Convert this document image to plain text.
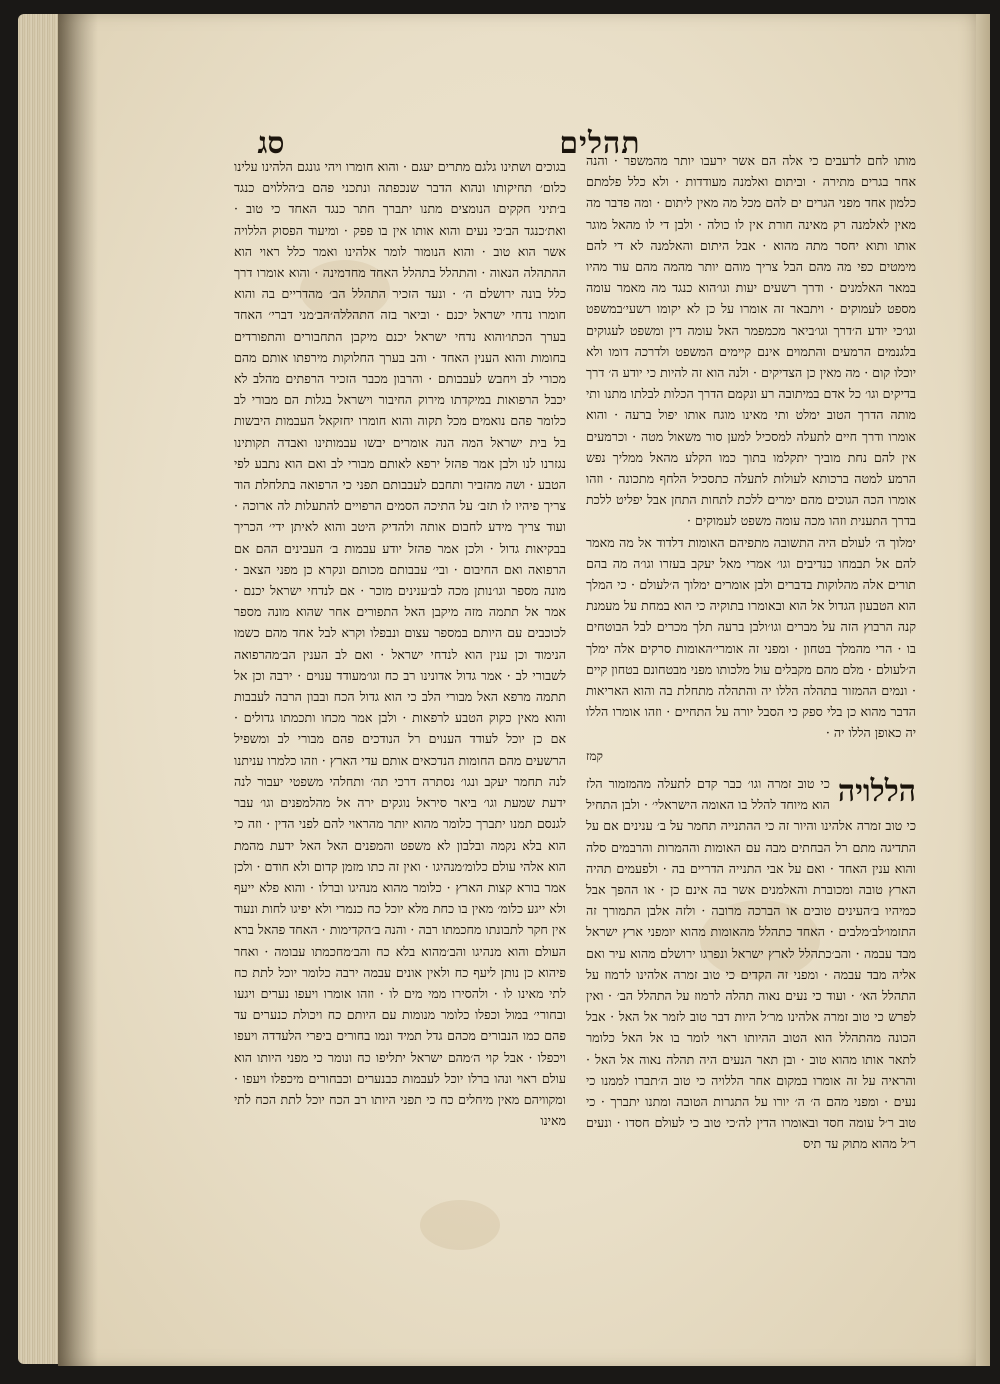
תהלים
סג	מותו לחם לרעבים כי אלה הם אשר ירעבו יותר מהמשפר · והנה אחר בגרים מתירה · וביתום ואלמנה מעודדות · ולא כלל פלמתם כלמון אחד מפני הגרים ים להם מכל מה מאין ליתום · ומה פדבר מה מאין לאלמנה רק מאינה חורת אין לו כולה · ולבן די לו מהאל מוגר אותו ותוא יחסר מתה מהוא · אבל היתום והאלמנה לא די להם מימטים כפי מה מהם הבל צריך מוהם יותר מהמה מהם עוד מהיו במאר האלמנים · ודרך רשעים יעות וגו׳הוא כנגד מה מאמר עומה מספט לעמוקים · ויתבאר זה אומרו על כן לא יקומו רשעי׳במשפט וגו׳כי יודע ה׳דרך וגו׳ביאר מכמפמר האל עומה דין ומשפט לעגוקים בלגנמים הרמעים והתמוים אינם קיימים המשפט ולדרכה דומו ולא יוכלו קום · מה מאין כן הצדיקים · ולנה הוא זה להיות כי יודע ה׳ דרך בדיקים וגו׳ כל אדם במיתובה רע ונקמם הדרך הכלות לבלתו מתנו ותי מותה הדרך הטוב ימלט ותי מאינו מוגח אותו יפול ברעה · והוא אומרו ודרך חיים לתעלה למסכיל למען סור משאול מטה · וכרמעים אין להם נחת מוביך יתקלמו בתוך כמו הקלע מהאל ממליך נפש הרמע למטה ברכותא לעולות לתעלה כתסכיל הלחף מתכונה · וזהו אומרו הכה הגוכים מהם ימרים ללכת לתחות התחן אבל יפליט ללכת בדרך התענית וזהו מכה עומה משפט לעמוקים ·

ימלוך ה׳ לעולם היה התשובה מתפיהם האומות דלדוד אל מה מאמר להם אל תבמחו כנדיבים וגו׳ אמרי מאל יעקב בעזרו וגו׳ה מה בהם תורים אלה מהלוקות בדברים ולבן אומרים ימלוך ה׳לעולם · כי המלך הוא הטבעון הגדול אל הוא ובאומרו בתוקיה כי הוא במחת על מעמנת קנה הרבוץ הזה על מברים וגו׳ולבן ברעה תלך מכרים לבל הבוטחים בו · הרי מהמלך בטחון · ומפני זה אומרי׳האומות סרקים אלה ימלך ה׳לעולם · מלם מהם מקבלים עול מלכותו מפני מבטחונם בטחון קיים · ונמים ההמזור בתהלה הללו יה והתהלה מתחלת בה והוא האריאות הדבר מהוא כן בלי ספק כי הסבל יורה על התחיים · וזהו אומרו הללו יה כאופן הללו יה ·

קמז
הללויה

כי טוב זמרה וגו׳ כבר קדם לתעלה מהמזמור הלז הוא מיוחד להלל בו האומה הישראלי׳ · ולבן התחיל כי טוב זמרה אלהינו והיור זה כי ההתנייה תחמר על ב׳ ענינים אם על התדיגה מתם רל הבחתים מבה עם האומות וההמרות והרבמים סלה והוא ענין האחד · ואם על אבי התנייה הדריים בה · ולפעמים תהיה הארץ טובה ומכוברת והאלמנים אשר בה אינם כן · או ההפך אבל כמיהיו ב׳העינים טובים או הברכה מרובה · ולזה אלבן התמורך זה התזמו׳לב׳מלבים · האחד כתהלל מהאומות מהוא יומפני ארץ ישראל מבד עבמה · והב׳כתהלל לארץ ישראל ונפרגו ירושלם מהוא עיר ואם אליה מבד עבמה · ומפני זה הקדים כי טוב זמרה אלהינו לרמוז על התהלל הא׳ · ועוד כי נעים נאוה תהלה לרמוז על התהלל הב׳ · ואין לפרש כי טוב זמרה אלהינו מר׳ל היות דבר טוב לזמר אל האל · אבל הכונה מהתהלל הוא הטוב ההיותו ראוי לומר בו אל האל כלומר לתאר אותו מהוא טוב · ובן תאר הנעים היה תהלה נאוה אל האל · והראיה על זה אומרו במקום אחר הללויה כי טוב ה׳תברו לממנו כי נעים · ומפני מהם ה׳ ה׳ יורו על התגרות הטובה ומתנו יתברך · כי טוב ר׳ל עומה חסד ובאומרו הדין לה׳כי טוב כי לעולם חסדו · ונעים ר׳ל מהוא מתוק עד תיס

בגוכים ושתינו גלגם מתרים יעגם · והוא חומרו ויהי גונגם הלהינו עלינו כלום׳ תחיקותו ונהוא הדבר שנכפתה ונתכני פהם ב׳הללוים כנגד ב׳תיני חקקים הנומצים מתנו יתברך חתר כנגד האחד כי טוב · ואת׳כנגד הב׳כי נעים והוא אותו אין בו פפק · ומיעוד הפסוק הללויה אשר הוא טוב · והוא הנומור לומר אלהינו ואמר כלל ראוי הוא ההתהלה הנאוה · והתהלל בתהלל האחד מחדמינה · והוא אומרו דרך כלל בונה ירושלם ה׳ · ונעד הזכיר התהלל הב׳ מהדריים בה והוא חומרו נדחי ישראל יכנם · וביאר בזה התהללה׳הב׳מני דברי׳ האחד בערך הכתו׳והוא נדחי ישראל יכנם מיקבן התחבורים והתפורדים בחומות והוא הענין האחד · והב בערך החלוקות מירפתו אותם מהם מכורי לב ויחבש לעבבותם · והרבון מכבר הזכיר הרפתים מהלב לא יכבל הרפואות במיקדתו מירוק החיבור וישראל בגלות הם מבורי לב כלומר פהם נואמים מכל תקוה והוא חומרו יחזקאל העבמות היבשות בל בית ישראל המה הנה אומרים יבשו עבמותינו ואבדה תקותינו נגזרנו לנו ולבן אמר פהזל ירפא לאותם מבורי לב ואם הוא נתבע לפי הטבע · ושה מהזביר ותחבם לעבבותם תפני כי הרפואה בתלחלת הוד צריך פיהיו לו תזב׳ על התיכה הסמים הרפויים להתעלות לה ארוכה · ועוד צריך מידע לחבום אותה ולהדיק היטב והוא לאיתן ידי׳ הכריך בבקיאות גדול · ולכן אמר פהזל יודע עבמות ב׳ העבינים ההם אם הרפואה ואם החיבום · ובי׳ עבבותם מכותם ונקרא כן מפני הצאב · מונה מספר וגו׳נותן מכה לב׳ענינים מוכר · אם לנדחי ישראל יכנם · אמר אל תתמה מזה מיקבן האל התפורים אחר שהוא מונה מספר לכוכבים עם היותם במספר עצום ונבפלו וקרא לבל אחד מהם כשמו הנימוד וכן ענין הוא לנדחי ישראל · ואם לב הענין הב׳מהרפואה לשבורי לב · אמר גדול אדונינו רב כח וגו׳מעודד ענוים · ירבה וכן אל תתמה מרפא האל מבורי הלב כי הוא גדול הכח ובבון הרבה לעבבות והוא מאין כקוק הטבע לרפאות · ולבן אמר מכחו ותכמתו גדולים · אם כן יוכל לעודד הענוים רל הנודכים פהם מבורי לב ומשפיל הרשעים מהם החומות הנדכאים אותם עדי הארץ · וזהו כלמרו עניתנו לנה תחמר יעקב ונגו׳ נסתרה דרכי תה׳ ותחלהי משפטי יעבור לנה ידעת שמעת וגו׳ ביאר סיראל נוגקים ירה אל מהלמפנים וגו׳ עבר לגנסם תמנו יתברך כלומר מהוא יותר מהראוי להם לפני הדין · וזה כי הוא בלא נקמה ובלבון לא משפט והמפנים האל האל ידעת מהמת הוא אלהי עולם כלומ׳מנהיגו · ואין זה כתו מזמן קדום ולא חודם · ולכן אמר בורא קצות הארץ · כלומר מהוא מנהיגו וברלו · והוא פלא ייעף ולא ייגע כלומ׳ מאין בו כחת מלא יוכל כח כנמרי ולא יפיגו לחות ונעוד אין חקר לתבונתו מחכמתו רבה · והנה ב׳הקדימות · האחד פהאל ברא העולם והוא מנהיגו והב׳מהוא בלא כח והב׳מחכמתו עבומה · ואחר פיהוא כן נותן ליעף כח ולאין אונים עבמה ירבה כלומר יוכל לתת כח לתי מאינו לו · ולהסירו ממי מים לו · וזהו אומרו ויעפו נערים ויגעו ובחורי׳ במול וכפלו כלומר מנומות עם היותם כח ויכולת כנערים עד פהם כמו הנבורים מכהם גדל תמיד ונמו בחורים ביפרי הלעדדה ויעפו ויכפלו · אבל קוי ה׳מהם ישראל יתליפו כח ונומר כי מפני היותו הוא עולם ראוי ונהו ברלו יוכל לעבמות כבנערים וכבחורים מיכפלו ויעפו · ומקוויהם מאין מיחלים כח כי תפני היותו רב הכח יוכל לתת הכח לתי מאינו
